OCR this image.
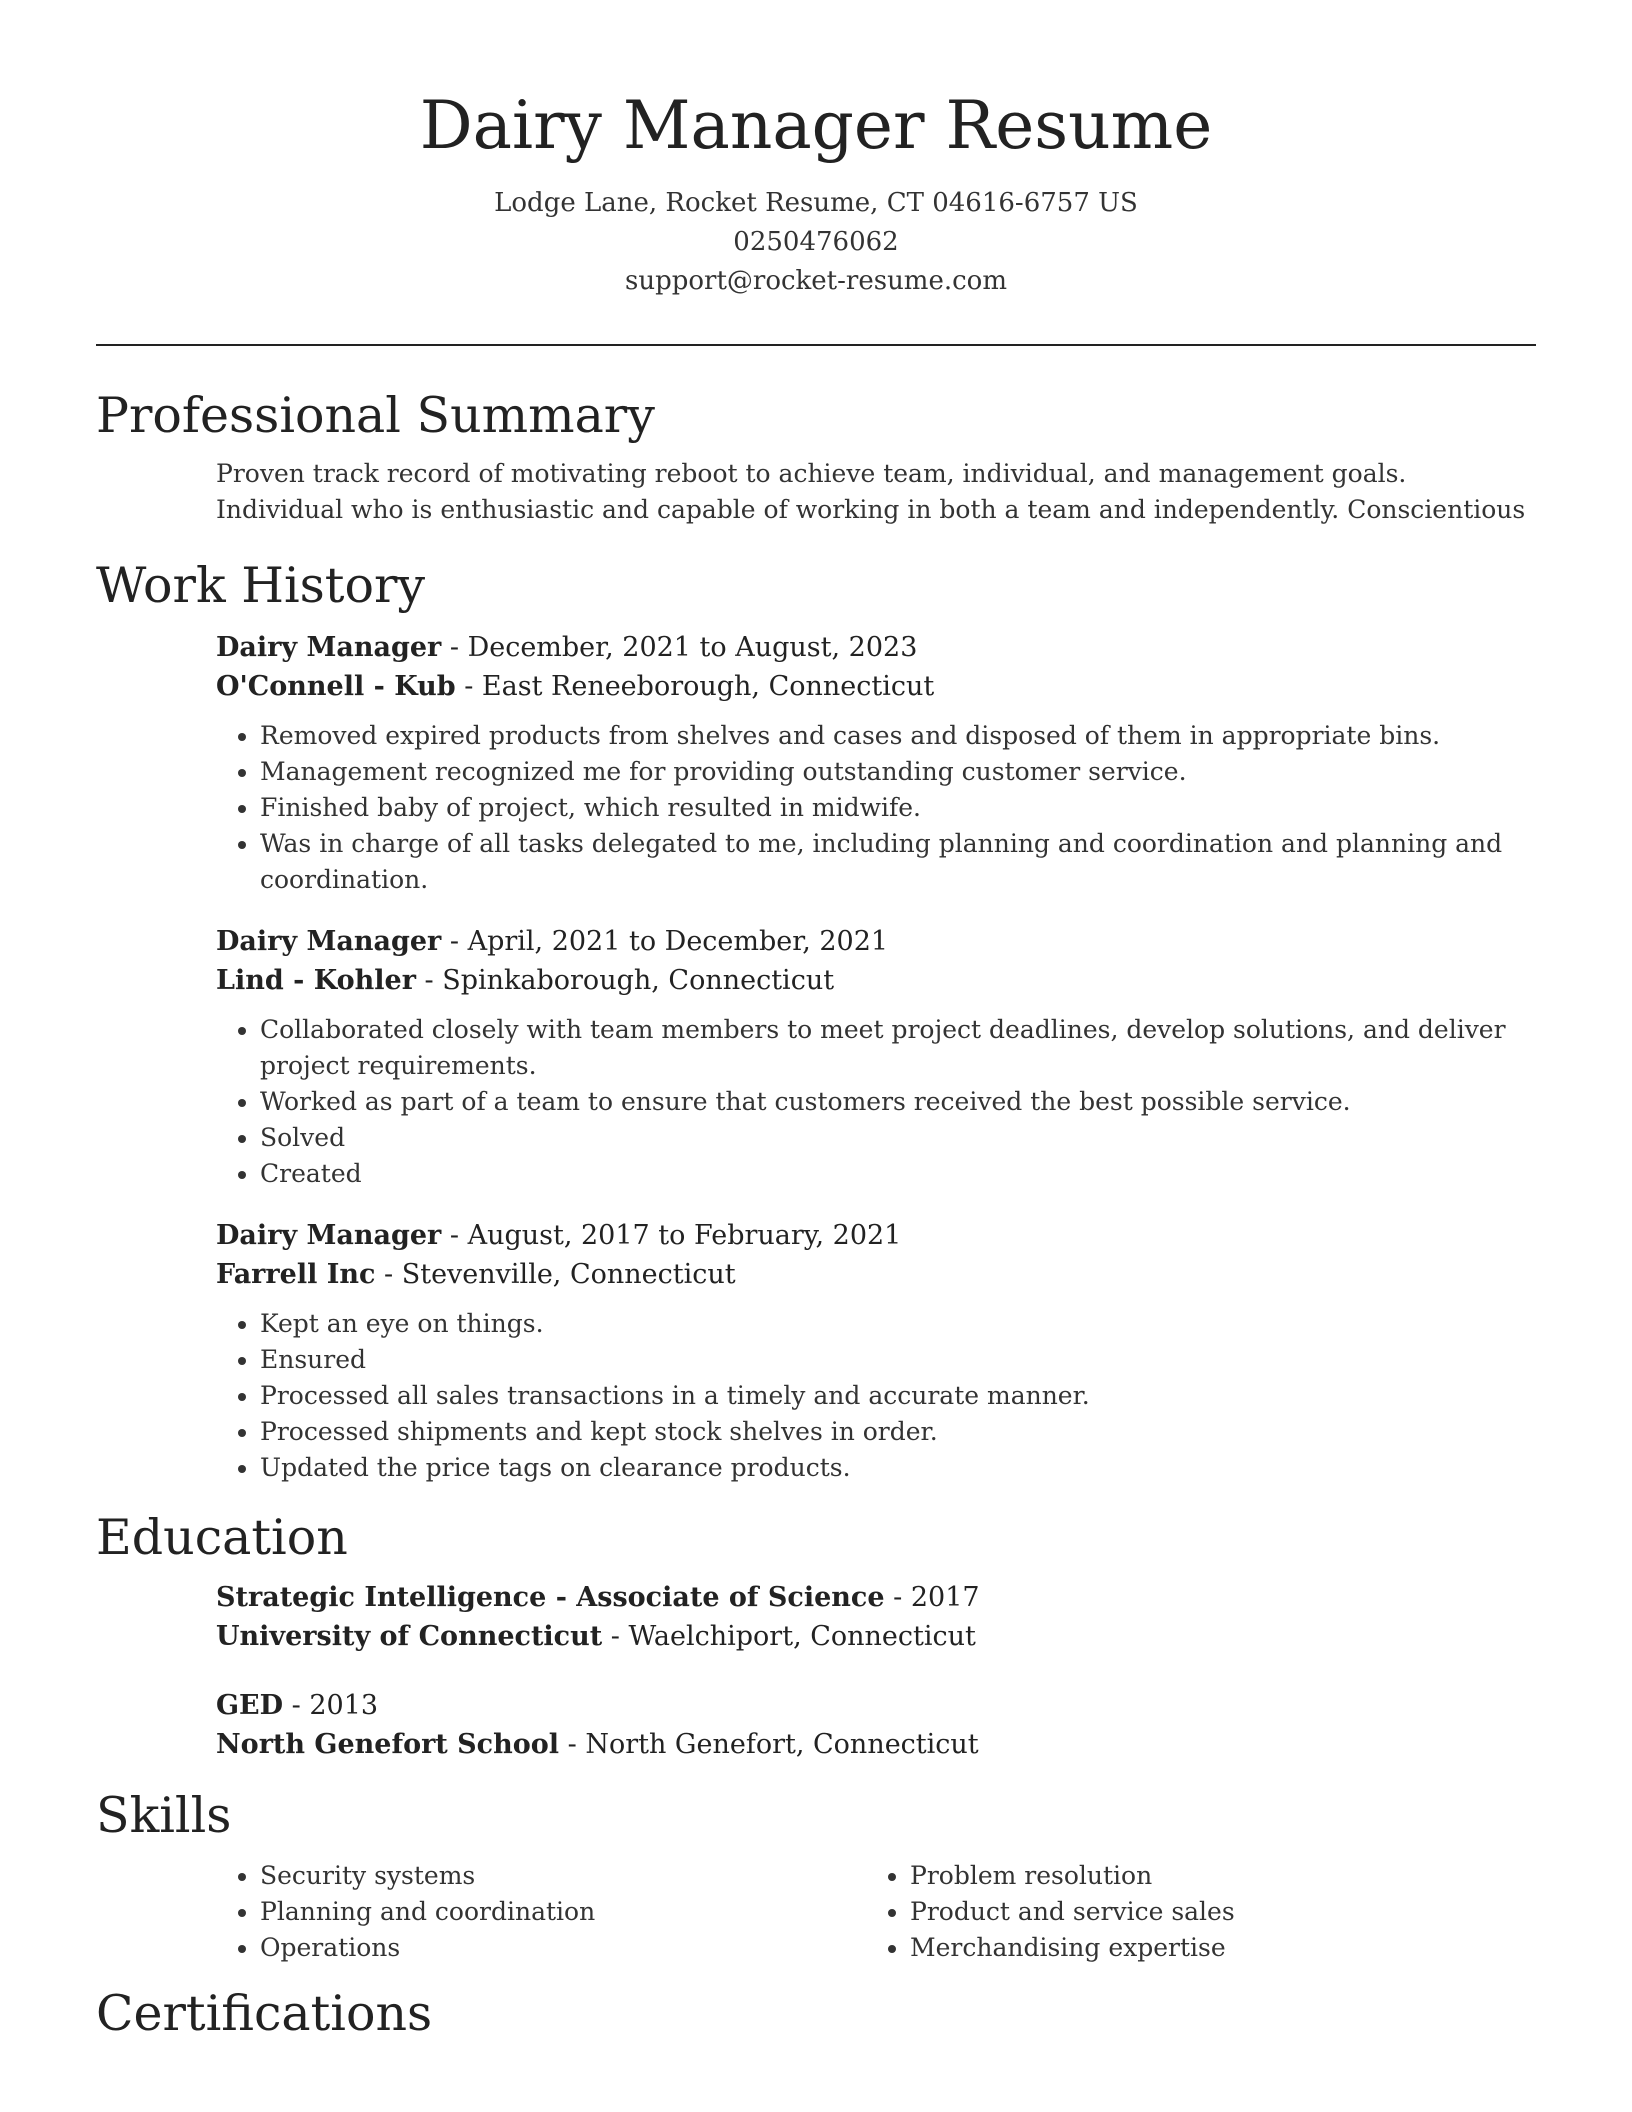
Dairy Manager Resume
Lodge Lane, Rocket Resume, CT 04616-6757 US
0250476062
support@rocket-resume.com
Professional Summary
Proven track record of motivating reboot to achieve team, individual, and management goals. Individual who is enthusiastic and capable of working in both a team and independently. Conscientious
Work History
Dairy Manager - December, 2021 to August, 2023
O'Connell - Kub - East Reneeborough, Connecticut
• Removed expired products from shelves and cases and disposed of them in appropriate bins.
• Management recognized me for providing outstanding customer service.
• Finished baby of project, which resulted in midwife.
• Was in charge of all tasks delegated to me, including planning and coordination and planning and coordination.
Dairy Manager - April, 2021 to December, 2021
Lind - Kohler - Spinkaborough, Connecticut
• Collaborated closely with team members to meet project deadlines, develop solutions, and deliver project requirements.
• Worked as part of a team to ensure that customers received the best possible service.
• Solved
• Created
Dairy Manager - August, 2017 to February, 2021
Farrell Inc - Stevenville, Connecticut
• Kept an eye on things.
• Ensured
• Processed all sales transactions in a timely and accurate manner.
• Processed shipments and kept stock shelves in order.
• Updated the price tags on clearance products.
Education
Strategic Intelligence - Associate of Science - 2017
University of Connecticut - Waelchiport, Connecticut
GED - 2013
North Genefort School - North Genefort, Connecticut
Skills
• Security systems
• Planning and coordination
• Operations
• Problem resolution
• Product and service sales
• Merchandising expertise
Certifications
